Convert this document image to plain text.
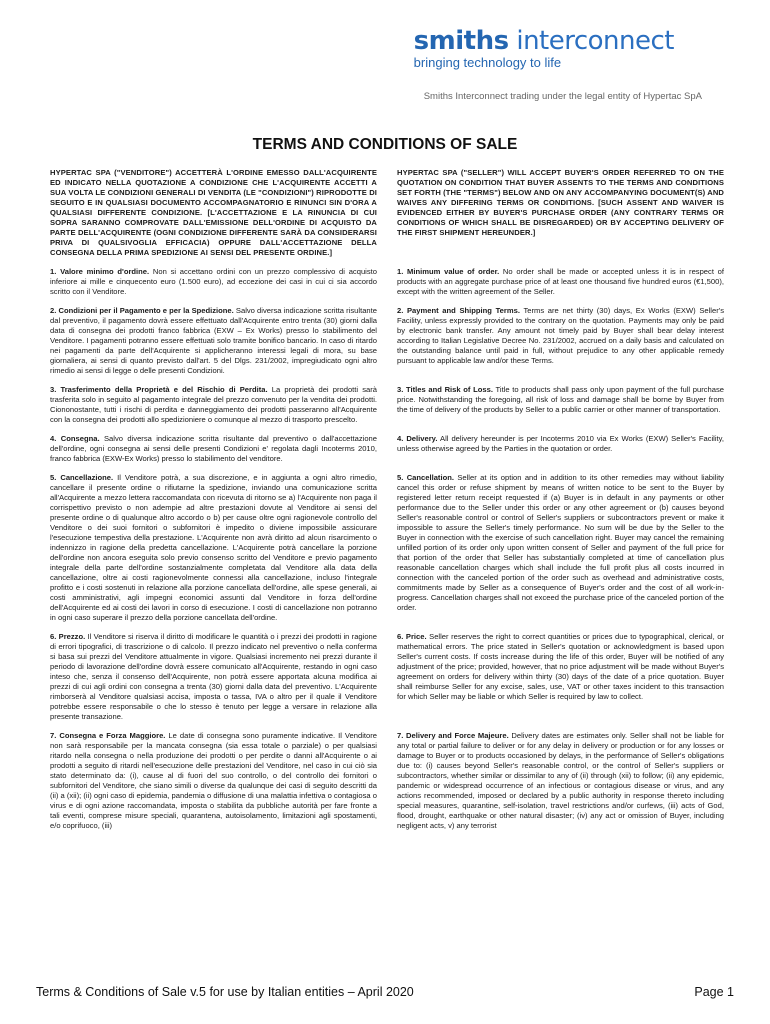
smiths interconnect
bringing technology to life
Smiths Interconnect trading under the legal entity of Hypertac SpA
TERMS AND CONDITIONS OF SALE
HYPERTAC SPA ("VENDITORE") ACCETTERÀ L'ORDINE EMESSO DALL'ACQUIRENTE ED INDICATO NELLA QUOTAZIONE A CONDIZIONE CHE L'ACQUIRENTE ACCETTI A SUA VOLTA LE CONDIZIONI GENERALI DI VENDITA (LE "CONDIZIONI") RIPRODOTTE DI SEGUITO E IN QUALSIASI DOCUMENTO ACCOMPAGNATORIO E RINUNCI SIN D'ORA A QUALSIASI DIFFERENTE CONDIZIONE. [L'ACCETTAZIONE E LA RINUNCIA DI CUI SOPRA SARANNO COMPROVATE DALL'EMISSIONE DELL'ORDINE DI ACQUISTO DA PARTE DELL'ACQUIRENTE (OGNI CONDIZIONE DIFFERENTE SARÀ DA CONSIDERARSI PRIVA DI QUALSIVOGLIA EFFICACIA) OPPURE DALL'ACCETTAZIONE DELLA CONSEGNA DELLA PRIMA SPEDIZIONE AI SENSI DEL PRESENTE ORDINE.]
HYPERTAC SPA ("SELLER") WILL ACCEPT BUYER'S ORDER REFERRED TO ON THE QUOTATION ON CONDITION THAT BUYER ASSENTS TO THE TERMS AND CONDITIONS SET FORTH (THE "TERMS") BELOW AND ON ANY ACCOMPANYING DOCUMENT(S) AND WAIVES ANY DIFFERING TERMS OR CONDITIONS. [SUCH ASSENT AND WAIVER IS EVIDENCED EITHER BY BUYER'S PURCHASE ORDER (ANY CONTRARY TERMS OR CONDITIONS OF WHICH SHALL BE DISREGARDED) OR BY ACCEPTING DELIVERY OF THE FIRST SHIPMENT HEREUNDER.]
1. Valore minimo d'ordine. Non si accettano ordini con un prezzo complessivo di acquisto inferiore ai mille e cinquecento euro (1.500 euro), ad eccezione dei casi in cui ci sia accordo scritto con il Venditore.
1. Minimum value of order. No order shall be made or accepted unless it is in respect of products with an aggregate purchase price of at least one thousand five hundred euros (€1,500), except with the written agreement of the Seller.
2. Condizioni per il Pagamento e per la Spedizione. Salvo diversa indicazione scritta risultante dal preventivo, il pagamento dovrà essere effettuato dall'Acquirente entro trenta (30) giorni dalla data di consegna dei prodotti franco fabbrica (EXW – Ex Works) presso lo stabilimento del Venditore. I pagamenti potranno essere effettuati solo tramite bonifico bancario. In caso di ritardo nei pagamenti da parte dell'Acquirente si applicheranno interessi legali di mora, su base giornaliera, ai sensi di quanto previsto dall'art. 5 del Dlgs. 231/2002, impregiudicato ogni altro rimedio ai sensi di legge o delle presenti Condizioni.
2. Payment and Shipping Terms. Terms are net thirty (30) days, Ex Works (EXW) Seller's Facility, unless expressly provided to the contrary on the quotation. Payments may only be paid by electronic bank transfer. Any amount not timely paid by Buyer shall bear delay interest according to Italian Legislative Decree No. 231/2002, accrued on a daily basis and calculated on the outstanding balance until paid in full, without prejudice to any other applicable remedy pursuant to applicable law and/or these Terms.
3. Trasferimento della Proprietà e del Rischio di Perdita. La proprietà dei prodotti sarà trasferita solo in seguito al pagamento integrale del prezzo convenuto per la vendita dei prodotti. Ciononostante, tutti i rischi di perdita e danneggiamento dei prodotti passeranno all'Acquirente con la consegna dei prodotti allo spedizioniere o comunque al mezzo di trasporto prescelto.
3. Titles and Risk of Loss. Title to products shall pass only upon payment of the full purchase price. Notwithstanding the foregoing, all risk of loss and damage shall be borne by Buyer from the time of delivery of the products by Seller to a public carrier or other manner of transportation.
4. Consegna. Salvo diversa indicazione scritta risultante dal preventivo o dall'accettazione dell'ordine, ogni consegna ai sensi delle presenti Condizioni e' regolata dagli Incoterms 2010, franco fabbrica (EXW-Ex Works) presso lo stabilimento del venditore.
4. Delivery. All delivery hereunder is per Incoterms 2010 via Ex Works (EXW) Seller's Facility, unless otherwise agreed by the Parties in the quotation or order.
5. Cancellazione. Il Venditore potrà, a sua discrezione, e in aggiunta a ogni altro rimedio, cancellare il presente ordine o rifiutarne la spedizione, inviando una comunicazione scritta all'Acquirente a mezzo lettera raccomandata con ricevuta di ritorno se a) l'Acquirente non paga il corrispettivo previsto o non adempie ad altre prestazioni dovute al Venditore ai sensi del presente ordine o di qualunque altro accordo o b) per cause oltre ogni ragionevole controllo del Venditore o dei suoi fornitori o subfornitori è impedito o diviene impossibile assicurare l'esecuzione tempestiva della prestazione. L'Acquirente non avrà diritto ad alcun risarcimento o indennizzo in ragione della predetta cancellazione. L'Acquirente potrà cancellare la porzione dell'ordine non ancora eseguita solo previo consenso scritto del Venditore e previo pagamento integrale della parte dell'ordine sostanzialmente completata dal Venditore alla data della cancellazione, oltre ai costi ragionevolmente connessi alla cancellazione, incluso l'integrale profitto e i costi sostenuti in relazione alla porzione cancellata dell'ordine, alle spese generali, ai costi amministrativi, agli impegni economici assunti dal Venditore in forza dell'ordine dell'Acquirente ed ai costi dei lavori in corso di esecuzione. I costi di cancellazione non potranno in ogni caso superare il prezzo della porzione cancellata dell'ordine.
5. Cancellation. Seller at its option and in addition to its other remedies may without liability cancel this order or refuse shipment by means of written notice to be sent to the Buyer by registered letter return receipt requested if (a) Buyer is in default in any payments or other performance due to the Seller under this order or any other agreement or (b) causes beyond Seller's reasonable control or control of Seller's suppliers or subcontractors prevent or make it impossible to assure the Seller's timely performance. No sum will be due by the Seller to the Buyer in connection with the exercise of such cancellation right. Buyer may cancel the remaining unfilled portion of its order only upon written consent of Seller and payment of the full price for that portion of the order that Seller has substantially completed at time of cancellation plus reasonable cancellation charges which shall include the full profit plus all costs incurred in connection with the canceled portion of the order such as overhead and administrative costs, commitments made by Seller as a consequence of Buyer's order and the cost of all work-in-progress. Cancellation charges shall not exceed the purchase price of the canceled portion of the order.
6. Prezzo. Il Venditore si riserva il diritto di modificare le quantità o i prezzi dei prodotti in ragione di errori tipografici, di trascrizione o di calcolo. Il prezzo indicato nel preventivo o nella conferma si basa sui prezzi del Venditore attualmente in vigore. Qualsiasi incremento nei prezzi durante il periodo di lavorazione dell'ordine dovrà essere comunicato all'Acquirente, restando in ogni caso inteso che, senza il consenso dell'Acquirente, non potrà essere apportata alcuna modifica ai prezzi di cui agli ordini con consegna a trenta (30) giorni dalla data del preventivo. L'Acquirente rimborserà al Venditore qualsiasi accisa, imposta o tassa, IVA o altro per il quale il Venditore potrebbe essere responsabile o che lo stesso è tenuto per legge a versare in relazione alla presente transazione.
6. Price. Seller reserves the right to correct quantities or prices due to typographical, clerical, or mathematical errors. The price stated in Seller's quotation or acknowledgment is based upon Seller's current costs. If costs increase during the life of this order, Buyer will be notified of any adjustment of the price; provided, however, that no price adjustment will be made without Buyer's agreement on orders for delivery within thirty (30) days of the date of a price quotation. Buyer shall reimburse Seller for any excise, sales, use, VAT or other taxes incident to this transaction for which Seller may be liable or which Seller is required by law to collect.
7. Consegna e Forza Maggiore. Le date di consegna sono puramente indicative. Il Venditore non sarà responsabile per la mancata consegna (sia essa totale o parziale) o per qualsiasi ritardo nella consegna o nella produzione dei prodotti o per perdite o danni all'Acquirente o ai prodotti a seguito di ritardi nell'esecuzione delle prestazioni del Venditore, nel caso in cui ciò sia stato determinato da: (i), cause al di fuori del suo controllo, o del controllo dei fornitori o subfornitori del Venditore, che siano simili o diverse da qualunque dei casi di seguito descritti da (ii) a (xii); (ii) ogni caso di epidemia, pandemia o diffusione di una malattia infettiva o contagiosa o virus e di ogni azione raccomandata, imposta o stabilita da pubbliche autorità per fare fronte a tali eventi, comprese misure speciali, quarantena, autoisolamento, limitazioni agli spostamenti, e/o coprifuoco, (iii)
7. Delivery and Force Majeure. Delivery dates are estimates only. Seller shall not be liable for any total or partial failure to deliver or for any delay in delivery or production or for any losses or damage to Buyer or to products occasioned by delays, in the performance of Seller's obligations due to: (i) causes beyond Seller's reasonable control, or the control of Seller's suppliers or subcontractors, whether similar or dissimilar to any of (ii) through (xii) to follow; (ii) any epidemic, pandemic or widespread occurrence of an infectious or contagious disease or virus, and any actions recommended, imposed or declared by a public authority in response thereto including special measures, quarantine, self-isolation, travel restrictions and/or curfews, (iii) acts of God, flood, drought, earthquake or other natural disaster; (iv) any act or omission of Buyer, including negligent acts, v) any terrorist
Terms & Conditions of Sale v.5 for use by Italian entities – April 2020	Page 1
